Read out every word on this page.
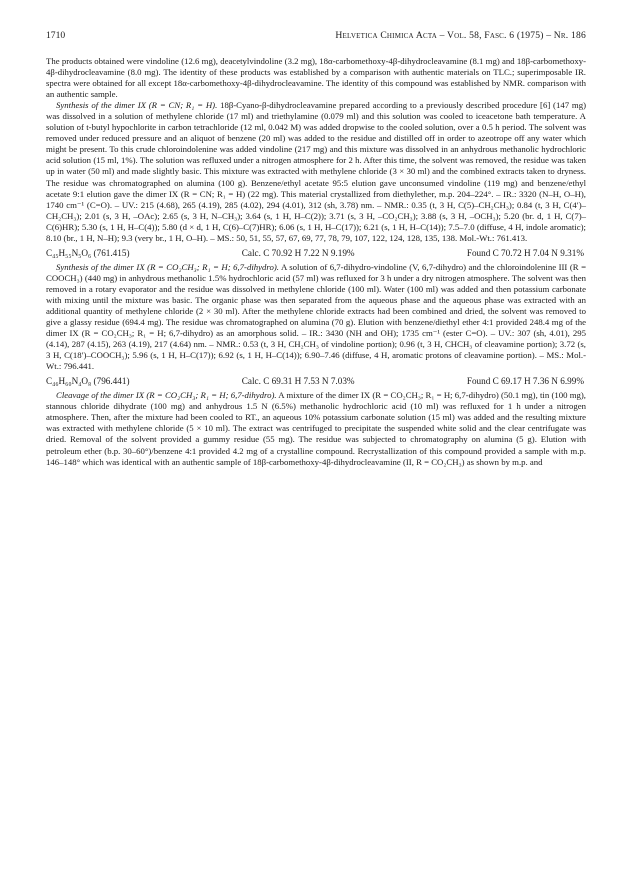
1710	Helvetica Chimica Acta – Vol. 58, Fasc. 6 (1975) – Nr. 186

The products obtained were vindoline (12.6 mg), deacetylvindoline (3.2 mg), 18α-carbomethoxy-4β-dihydrocleavamine (8.1 mg) and 18β-carbomethoxy-4β-dihydrocleavamine (8.0 mg). The identity of these products was established by a comparison with authentic materials on TLC.; superimposable IR. spectra were obtained for all except 18α-carbomethoxy-4β-dihydrocleavamine. The identity of this compound was established by NMR. comparison with an authentic sample.

Synthesis of the dimer IX (R = CN; R₁ = H). 18β-Cyano-β-dihydrocleavamine prepared according to a previously described procedure [6] (147 mg) was dissolved in a solution of methylene chloride (17 ml) and triethylamine (0.079 ml) and this solution was cooled to iceacetone bath temperature. A solution of t-butyl hypochlorite in carbon tetrachloride (12 ml, 0.042 M) was added dropwise to the cooled solution, over a 0.5 h period. The solvent was removed under reduced pressure and an aliquot of benzene (20 ml) was added to the residue and distilled off in order to azeotrope off any water which might be present. To this crude chloroindolenine was added vindoline (217 mg) and this mixture was dissolved in an anhydrous methanolic hydrochloric acid solution (15 ml, 1%). The solution was refluxed under a nitrogen atmosphere for 2 h. After this time, the solvent was removed, the residue was taken up in water (50 ml) and made slightly basic. This mixture was extracted with methylene chloride (3 × 30 ml) and the combined extracts taken to dryness. The residue was chromatographed on alumina (100 g). Benzene/ethyl acetate 95:5 elution gave unconsumed vindoline (119 mg) and benzene/ethyl acetate 9:1 elution gave the dimer IX (R = CN; R₁ = H) (22 mg). This material crystallized from diethylether, m.p. 204–224°. – IR.: 3320 (N–H, O–H), 1740 cm⁻¹ (C=O). – UV.: 215 (4.68), 265 (4.19), 285 (4.02), 294 (4.01), 312 (sh, 3.78) nm. – NMR.: 0.35 (t, 3 H, C(5)–CH₂CH₃); 0.84 (t, 3 H, C(4′)–CH₂CH₃); 2.01 (s, 3 H, –OAc); 2.65 (s, 3 H, N–CH₃); 3.64 (s, 1 H, H–C(2)); 3.71 (s, 3 H, –CO₂CH₃); 3.88 (s, 3 H, –OCH₃); 5.20 (br. d, 1 H, C(7)–C(6)HR); 5.30 (s, 1 H, H–C(4)); 5.80 (d × d, 1 H, C(6)–C(7)HR); 6.06 (s, 1 H, H–C(17)); 6.21 (s, 1 H, H–C(14)); 7.5–7.0 (diffuse, 4 H, indole aromatic); 8.10 (br., 1 H, N–H); 9.3 (very br., 1 H, O–H). – MS.: 50, 51, 55, 57, 67, 69, 77, 78, 79, 107, 122, 124, 128, 135, 138. Mol.-Wt.: 761.413.

C₄₅H₅₅N₅O₆ (761.415)	Calc. C 70.92 H 7.22 N 9.19%	Found C 70.72 H 7.04 N 9.31%

Synthesis of the dimer IX (R = CO₂CH₃; R₁ = H; 6,7-dihydro). A solution of 6,7-dihydro-vindoline (V, 6,7-dihydro) and the chloroindolenine III (R = COOCH₃) (440 mg) in anhydrous methanolic 1.5% hydrochloric acid (57 ml) was refluxed for 3 h under a dry nitrogen atmosphere. The solvent was then removed in a rotary evaporator and the residue was dissolved in methylene chloride (100 ml). Water (100 ml) was added and then potassium carbonate with mixing until the mixture was basic. The organic phase was then separated from the aqueous phase and the aqueous phase was extracted with an additional quantity of methylene chloride (2 × 30 ml). After the methylene chloride extracts had been combined and dried, the solvent was removed to give a glassy residue (694.4 mg). The residue was chromatographed on alumina (70 g). Elution with benzene/diethyl ether 4:1 provided 248.4 mg of the dimer IX (R = CO₂CH₃; R₁ = H; 6,7-dihydro) as an amorphous solid. – IR.: 3430 (NH and OH); 1735 cm⁻¹ (ester C=O). – UV.: 307 (sh, 4.01), 295 (4.14), 287 (4.15), 263 (4.19), 217 (4.64) nm. – NMR.: 0.53 (t, 3 H, CH₂CH₃ of vindoline portion); 0.96 (t, 3 H, CHCH₃ of cleavamine portion); 3.72 (s, 3 H, C(18′)–COOCH₃); 5.96 (s, 1 H, H–C(17)); 6.92 (s, 1 H, H–C(14)); 6.90–7.46 (diffuse, 4 H, aromatic protons of cleavamine portion). – MS.: Mol.-Wt.: 796.441.

C₄₆H₆₀N₄O₈ (796.441)	Calc. C 69.31 H 7.53 N 7.03%	Found C 69.17 H 7.36 N 6.99%

Cleavage of the dimer IX (R = CO₂CH₃; R₁ = H; 6,7-dihydro). A mixture of the dimer IX (R = CO₂CH₃; R₁ = H; 6,7-dihydro) (50.1 mg), tin (100 mg), stannous chloride dihydrate (100 mg) and anhydrous 1.5 N (6.5%) methanolic hydrochloric acid (10 ml) was refluxed for 1 h under a nitrogen atmosphere. Then, after the mixture had been cooled to RT., an aqueous 10% potassium carbonate solution (15 ml) was added and the resulting mixture was extracted with methylene chloride (5 × 10 ml). The extract was centrifuged to precipitate the suspended white solid and the clear centrifugate was dried. Removal of the solvent provided a gummy residue (55 mg). The residue was subjected to chromatography on alumina (5 g). Elution with petroleum ether (b.p. 30–60°)/benzene 4:1 provided 4.2 mg of a crystalline compound. Recrystallization of this compound provided a sample with m.p. 146–148° which was identical with an authentic sample of 18β-carbomethoxy-4β-dihydrocleavamine (II, R = CO₂CH₃) as shown by m.p. and
